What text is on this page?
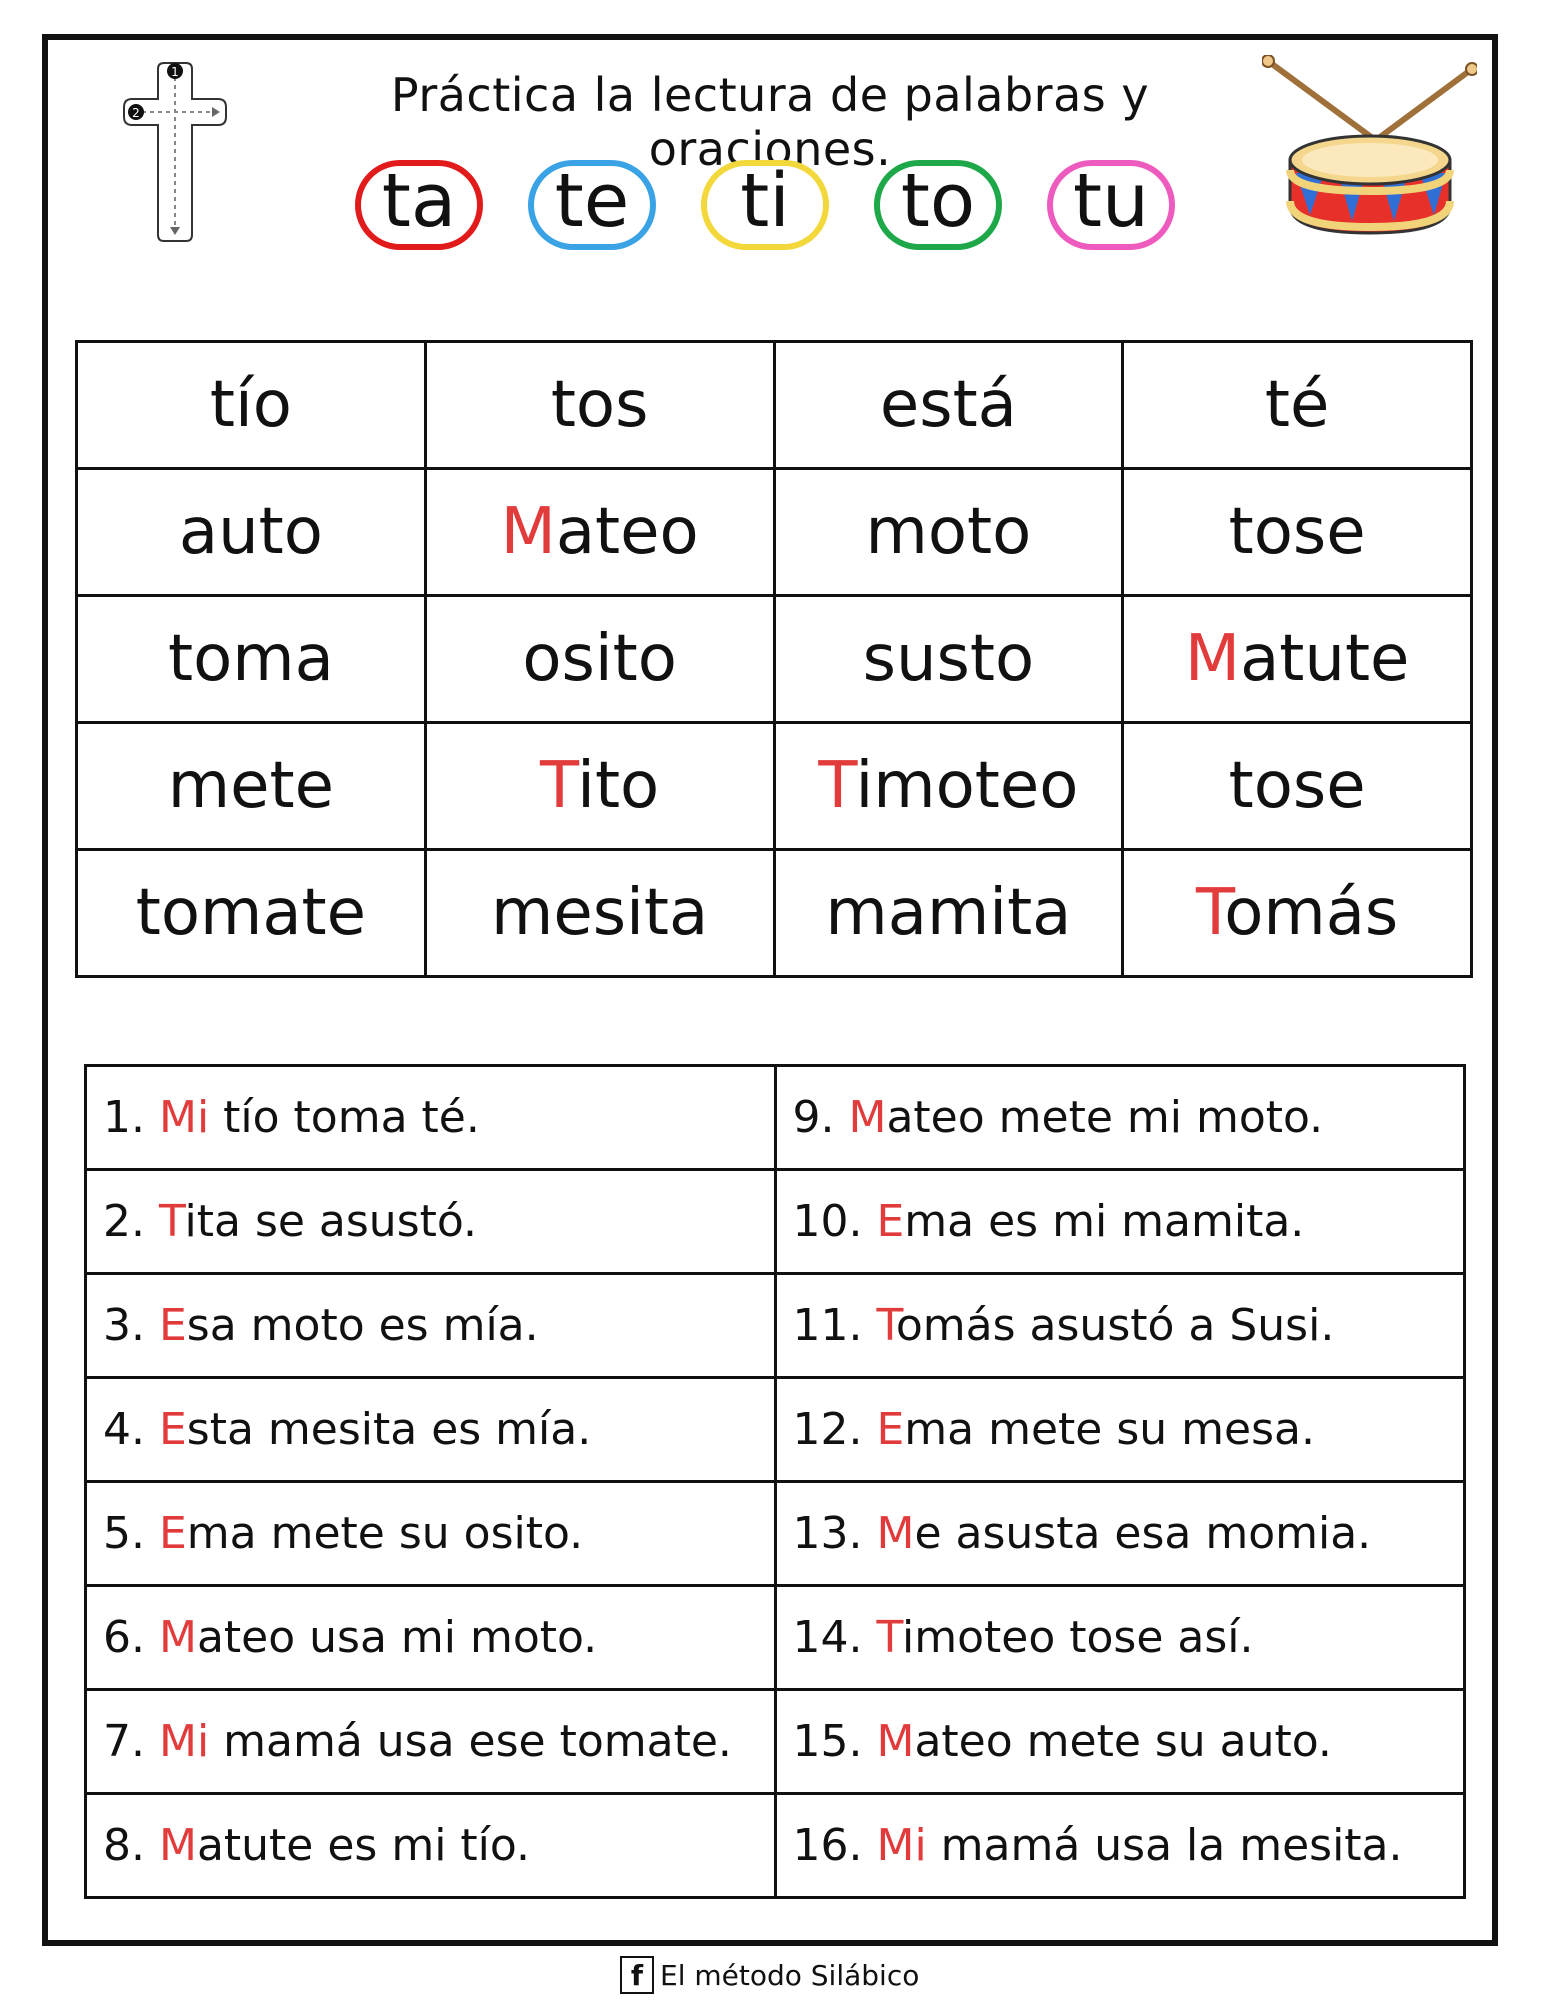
1
2	Práctica la lectura de palabras y oraciones.
ta	te	ti	to	tu
tío	tos	está	té
auto	Mateo	moto	tose
toma	osito	susto	Matute
mete	Tito	Timoteo	tose
tomate	mesita	mamita	Tomás
1. Mi tío toma té.	9. Mateo mete mi moto.
2. Tita se asustó.	10. Ema es mi mamita.
3. Esa moto es mía.	11. Tomás asustó a Susi.
4. Esta mesita es mía.	12. Ema mete su mesa.
5. Ema mete su osito.	13. Me asusta esa momia.
6. Mateo usa mi moto.	14. Timoteo tose así.
7. Mi mamá usa ese tomate.	15. Mateo mete su auto.
8. Matute es mi tío.	16. Mi mamá usa la mesita.
f El método Silábico
